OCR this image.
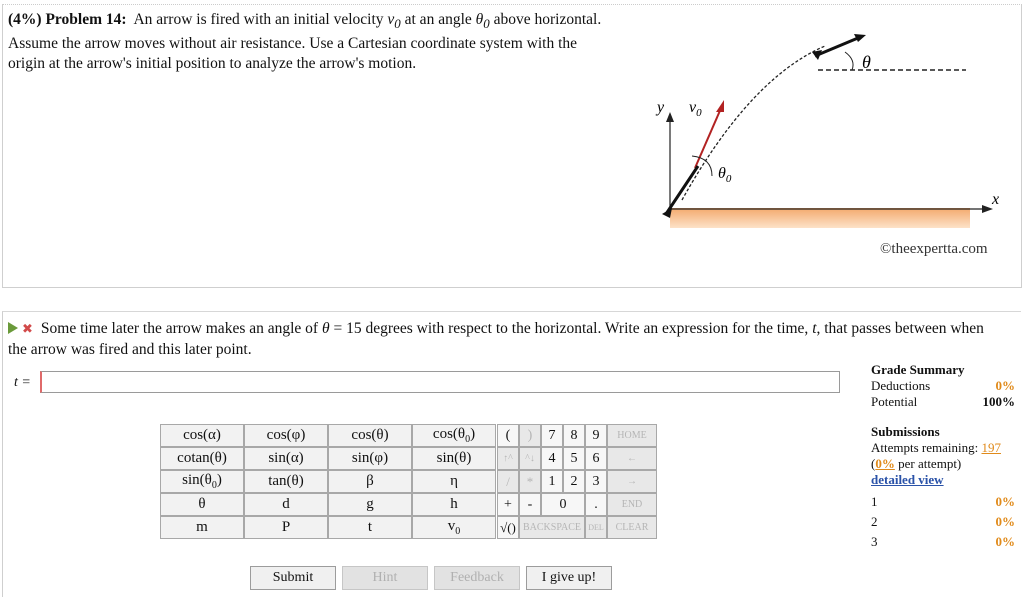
(4%) Problem 14: An arrow is fired with an initial velocity $v_0$ at an angle $\theta_0$ above horizontal. Assume the arrow moves without air resistance. Use a Cartesian coordinate system with the origin at the arrow's initial position to analyze the arrow's motion.
y $v_0$
$\theta_0$
θ
x
©theexpertta.com
✖ Some time later the arrow makes an angle of θ = 15 degrees with respect to the horizontal. Write an expression for the time, t, that passes between when the arrow was fired and this later point.
t =
cos(α)	cos(φ)	cos(θ)	$\cos(\theta_0)$
cotan(θ)	sin(α)	sin(φ)	sin(θ)
$\sin(\theta_0)$	tan(θ)	β	η
θ	d	g	h
m	P	t	$v_0$
(	)	7	8	9	HOME
↑^	^↓	4	5	6	←
/	*	1	2	3	→
+	-	0		.	END
√()	BACKSPACE			DEL	CLEAR
Submit	Hint	Feedback	I give up!
Grade Summary
Deductions	0%
Potential	100%
Submissions
Attempts remaining: 197
(0% per attempt)
detailed view
1	0%
2	0%
3	0%
